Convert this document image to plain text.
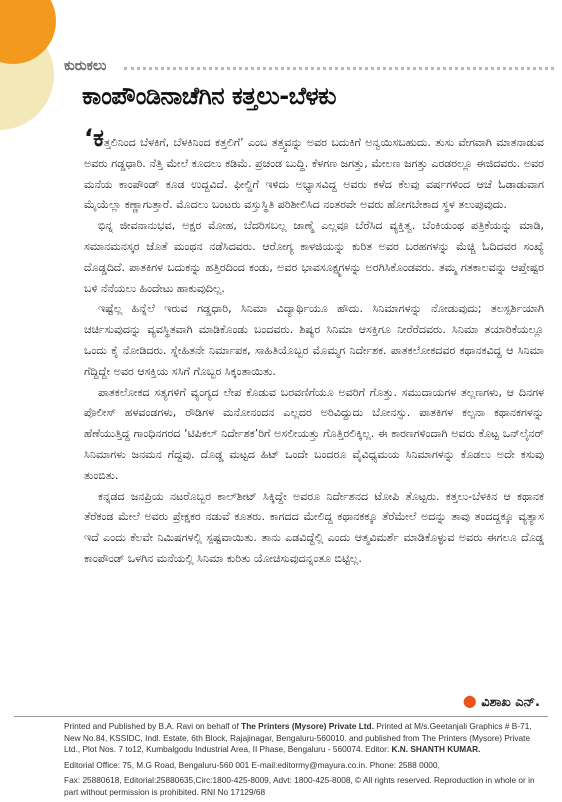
ಕುರುಕಲು
ಕಾಂಪೌಂಡಿನಾಚೆಗಿನ ಕತ್ತಲು-ಬೆಳಕು

‘ಕತ್ತಲಿನಿಂದ ಬೆಳಕಿಗೆ, ಬೆಳಕಿನಿಂದ ಕತ್ತಲಿಗೆ’ ಎಂಬ ತತ್ತ್ವವನ್ನು ಅವರ ಬದುಕಿಗೆ ಅನ್ವಯಿಸಬಹುದು. ತುಸು ವೇಗವಾಗಿ ಮಾತನಾಡುವ ಅವರು ಗಡ್ಡಧಾರಿ. ನೆತ್ತಿ ಮೇಲೆ ಕೂದಲು ಕಡಿಮೆ. ಪ್ರಚಂಡ ಬುದ್ಧಿ. ಕೆಳಗಣ ಜಗತ್ತು, ಮೇಲಣ ಜಗತ್ತು ಎರಡರಲ್ಲೂ ಈಜಿದವರು. ಅವರ ಮನೆಯ ಕಾಂಪೌಂಡ್ ಕೂಡ ಉದ್ದವಿದೆ. ಫೀಲ್ಡಿಗೆ ಇಳಿದು ಅಭ್ಯಾಸವಿದ್ದ ಅವರು ಕಳೆದ ಕೆಲವು ವರ್ಷಗಳಿಂದ ಆಚೆ ಓಡಾಡುವಾಗ ಮೈಯೆಲ್ಲಾ ಕಣ್ಣಾಗುತ್ತಾರೆ. ಮೊದಲು ಬಂಟರು ವಸ್ತುಸ್ಥಿತಿ ಪರಿಶೀಲಿಸಿದ ನಂತರವೇ ಅವರು ಹೋಗಬೇಕಾದ ಸ್ಥಳ ತಲುಪುವುದು.

ಭಿನ್ನ ಜೀವನಾನುಭವ, ಅಕ್ಷರ ಮೋಹ, ಬೆದರಿಸಬಲ್ಲ ಜಾಣ್ಮೆ ಎಲ್ಲವೂ ಬೆರೆಸಿದ ವ್ಯಕ್ತಿತ್ವ. ಬೆಂಕಿಯಂಥ ಪತ್ರಿಕೆಯನ್ನು ಮಾಡಿ, ಸಮಾನಮನಸ್ಕರ ಜೊತೆ ಮಂಥನ ನಡೆಸಿದವರು. ಆರೋಗ್ಯ ಕಾಳಜಿಯನ್ನು ಕುರಿತ ಅವರ ಬರಹಗಳನ್ನು ಮೆಚ್ಚಿ ಓದಿದವರ ಸಂಖ್ಯೆ ದೊಡ್ಡದಿದೆ. ಪಾತಕಿಗಳ ಬದುಕನ್ನು ಹತ್ತಿರದಿಂದ ಕಂಡು, ಅವರ ಭಾವಸೂಕ್ಷ್ಮಗಳನ್ನು ಅರಗಿಸಿಕೊಂಡವರು. ತಮ್ಮ ಗತಕಾಲವನ್ನು ಆಪ್ತೇಷ್ಟರ ಬಳಿ ನೆನೆಯಲು ಹಿಂದೇಟು ಹಾಕುವುದಿಲ್ಲ.

ಇಷ್ಟೆಲ್ಲ ಹಿನ್ನೆಲೆ ಇರುವ ಗಡ್ಡಧಾರಿ, ಸಿನಿಮಾ ವಿದ್ಯಾರ್ಥಿಯೂ ಹೌದು. ಸಿನಿಮಾಗಳನ್ನು ನೋಡುವುದು; ತಲಸ್ಪರ್ಶಿಯಾಗಿ ಚರ್ಚಿಸುವುದನ್ನು ವ್ಯವಸ್ಥಿತವಾಗಿ ಮಾಡಿಕೊಂಡು ಬಂದವರು. ಶಿಷ್ಯರ ಸಿನಿಮಾ ಆಸಕ್ತಿಗೂ ನೀರೆರೆದವರು. ಸಿನಿಮಾ ತಯಾರಿಕೆಯಲ್ಲೂ ಒಂದು ಕೈ ನೋಡಿದರು. ಸ್ನೇಹಿತನೇ ನಿರ್ಮಾಪಕ, ಸಾಹಿತಿಯೊಬ್ಬರ ಮೊಮ್ಮಗ ನಿರ್ದೇಶಕ. ಪಾತಕಲೋಕದವರ ಕಥಾನಕವಿದ್ದ ಆ ಸಿನಿಮಾ ಗೆದ್ದಿದ್ದೇ ಅವರ ಆಸಕ್ತಿಯ ಸಸಿಗೆ ಗೊಬ್ಬರ ಸಿಕ್ಕಂತಾಯಿತು.

ಪಾತಕಲೋಕದ ಸತ್ಯಗಳಿಗೆ ವ್ಯಂಗ್ಯದ ಲೇಪ ಕೊಡುವ ಬರವಣಿಗೆಯೂ ಅವರಿಗೆ ಗೊತ್ತು. ಸಮುದಾಯಗಳ ತಲ್ಲಣಗಳು, ಆ ದಿನಗಳ ಪೊಲೀಸ್ ಹಳವಂಡಗಳು, ರೌಡಿಗಳ ಮನೋನಂದನ ಎಲ್ಲದರ ಅರಿವಿದ್ದುದು ಬೋನಸ್ಸು. ಪಾತಕಿಗಳ ಕಲ್ಪನಾ ಕಥಾನಕಗಳನ್ನು ಹೆಣೆಯುತ್ತಿದ್ದ ಗಾಂಧಿನಗರದ ‘ಟಿಪಿಕಲ್ ನಿರ್ದೇಶಕ’ರಿಗೆ ಅಸಲೀಯತ್ತು ಗೊತ್ತಿರಲಿಕ್ಕಿಲ್ಲ. ಈ ಕಾರಣಗಳಿಂದಾಗಿ ಅವರು ಕೊಟ್ಟ ಒನ್‌ಲೈನರ್ ಸಿನಿಮಾಗಳು ಜನಮನ ಗೆದ್ದವು. ದೊಡ್ಡ ಮಟ್ಟದ ಹಿಟ್ ಒಂದೇ ಬಂದರೂ ವೈವಿಧ್ಯಮಯ ಸಿನಿಮಾಗಳನ್ನು ಕೊಡಲು ಅದೇ ಕಸುವು ತುಂಬಿತು.

ಕನ್ನಡದ ಜನಪ್ರಿಯ ನಟರೊಬ್ಬರ ಕಾಲ್‌ಶೀಟ್ ಸಿಕ್ಕಿದ್ದೇ ಅವರೂ ನಿರ್ದೇಶನದ ಟೋಪಿ ತೊಟ್ಟರು. ಕತ್ತಲು-ಬೆಳಕಿನ ಆ ಕಥಾನಕ ತೆರೆಕಂಡ ಮೇಲೆ ಅವರು ಪ್ರೇಕ್ಷಕರ ನಡುವೆ ಕೂತರು. ಕಾಗದದ ಮೇಲಿದ್ದ ಕಥಾನಕಕ್ಕೂ ತೆರೆಮೇಲೆ ಅದನ್ನು ತಾವು ತಂದದ್ದಕ್ಕೂ ವ್ಯತ್ಯಾಸ ಇದೆ ಎಂದು ಕೆಲವೇ ನಿಮಿಷಗಳಲ್ಲಿ ಸ್ಪಷ್ಟವಾಯಿತು. ತಾನು ಎಡವಿದ್ದೆಲ್ಲಿ ಎಂದು ಆತ್ಮವಿಮರ್ಶೆ ಮಾಡಿಕೊಳ್ಳುವ ಅವರು ಈಗಲೂ ದೊಡ್ಡ ಕಾಂಪೌಂಡ್ ಒಳಗಿನ ಮನೆಯಲ್ಲಿ ಸಿನಿಮಾ ಕುರಿತು ಯೋಚಿಸುವುದನ್ನಂತೂ ಬಿಟ್ಟಿಲ್ಲ.

● ವಿಶಾಖ ಎನ್.

Printed and Published by B.A. Ravi on behalf of The Printers (Mysore) Private Ltd. Printed at M/s.Geetanjali Graphics # B-71, New No.84, KSSIDC, Indl. Estate, 6th Block, Rajajinagar, Bengaluru-560010. and published from The Printers (Mysore) Private Ltd., Plot Nos. 7 to12, Kumbalgodu Industrial Area, II Phase, Bengaluru - 560074. Editor: K.N. SHANTH KUMAR.

Editorial Office: 75, M.G Road, Bengaluru-560 001 E-mail:editormy@mayura.co.in. Phone: 2588 0000,

Fax: 25880618, Editorial:25880635,Circ:1800-425-8009, Advt: 1800-425-8008, © All rights reserved. Reproduction in whole or in part without permission is prohibited. RNI No 17129/68
